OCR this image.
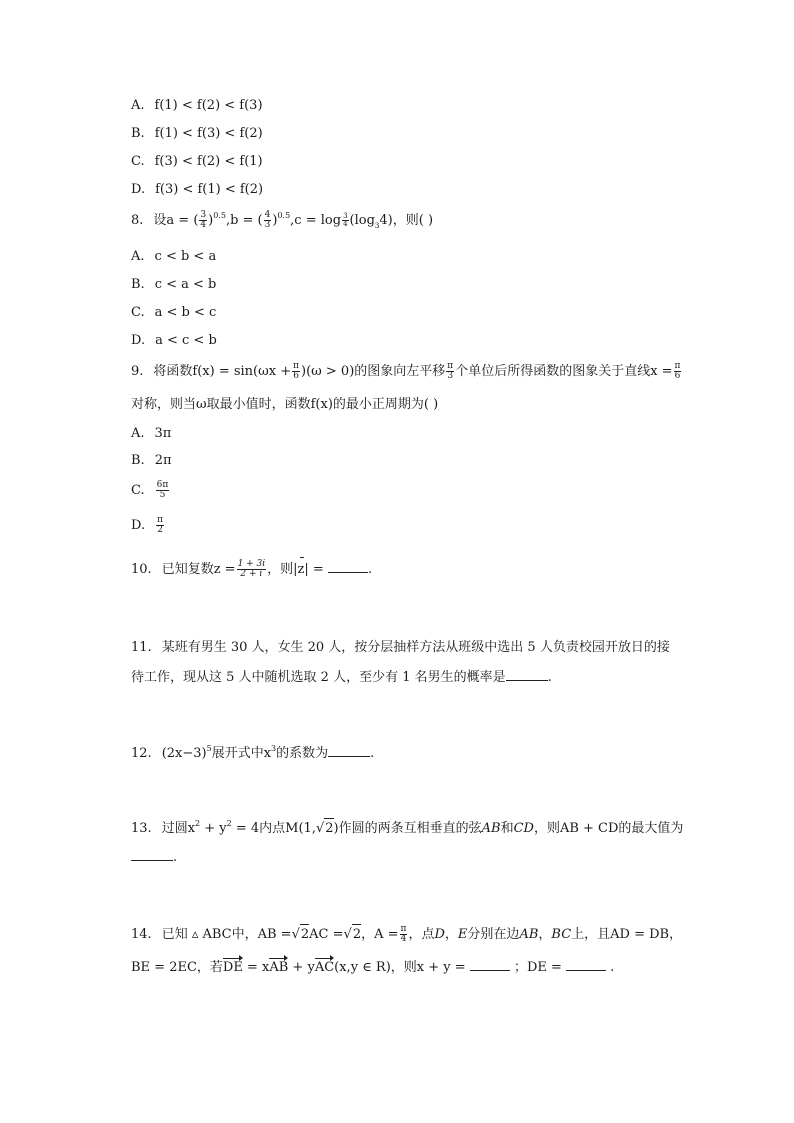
A. f(1) < f(2) < f(3)
B. f(1) < f(3) < f(2)
C. f(3) < f(2) < f(1)
D. f(3) < f(1) < f(2)
8. 设a = ( $\frac{3}{4} )^{0.5},b$ = ( $\frac{4}{3} )^{0.5},c = \log \frac{3}{4} (\log_34)$，则( )
A. c < b < a
B. c < a < b
C. a < b < c
D. a < c < b
9. 将函数$f(x) = \sin(\omega x + \frac{\pi}{6} )(\omega > 0)$的图象向左平移 $\frac{\pi}{3}$ 个单位后所得函数的图象关于直线$x = \frac{\pi}{6}$
对称，则当ω取最小值时，函数f(x)的最小正周期为( )
A. 3π
B. 2π
C. $\frac{6\pi}{5}$
D. $\frac{\pi}{2}$
10. 已知复数$z = \frac{1 + 3i}{2 + i}$ ，则|z| =	.
11. 某班有男生 30 人，女生 20 人，按分层抽样方法从班级中选出 5 人负责校园开放日的接
待工作，现从这 5 人中随机选取 2 人，至少有 1 名男生的概率是	.
12. $(2x-3)^5$展开式中$x^3$的系数为	.
13. 过圆$x^2 + y^2 = 4$内点M(1,√2)作圆的两条互相垂直的弦AB和CD，则AB + CD的最大值为
.
14. 已知 ▵ ABC中，AB =√2AC =√2，$A = \frac{\pi}{4}$ ，点D，E分别在边AB，BC上，且AD = DB，
BE = 2EC，若DE = xAB + yAC(x,y ∈ R)，则x + y =	；DE =	.
